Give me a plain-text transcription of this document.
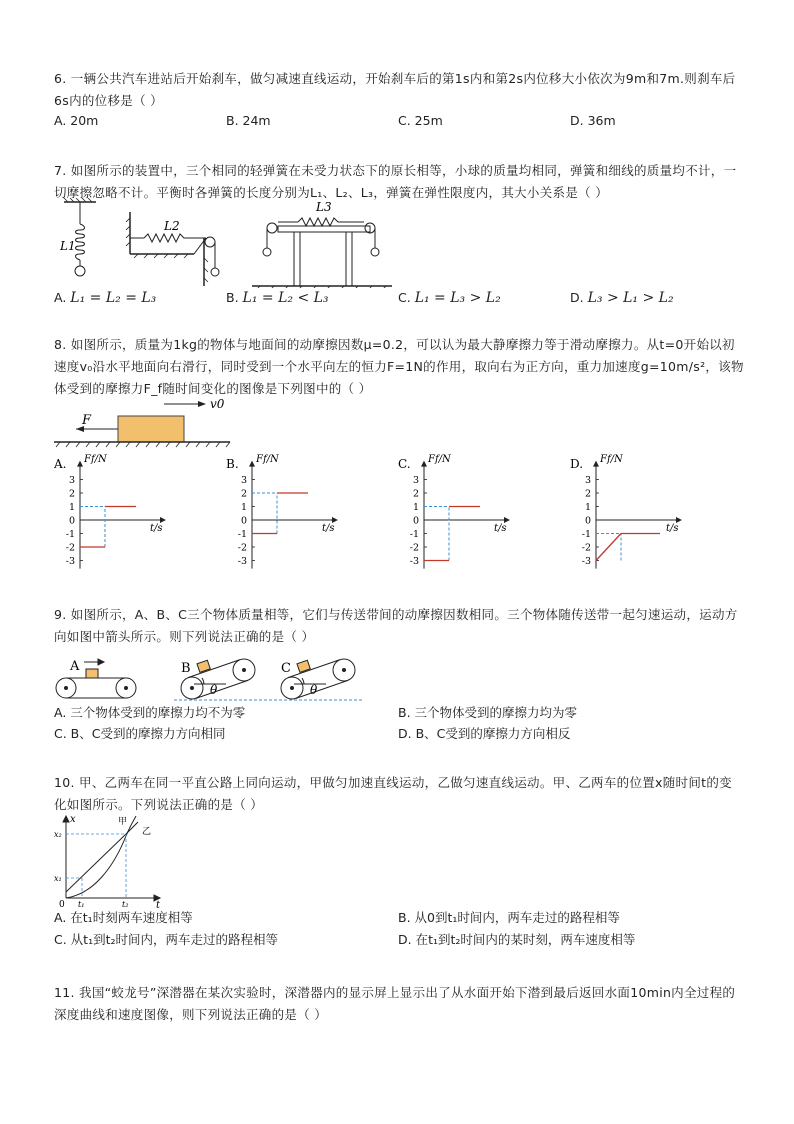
6. 一辆公共汽车进站后开始刹车，做匀减速直线运动，开始刹车后的第1s内和第2s内位移大小依次为9m和7m.则刹车后6s内的位移是（ ）
A. 20m	B. 24m	C. 25m	D. 36m
7. 如图所示的装置中，三个相同的轻弹簧在未受力状态下的原长相等，小球的质量均相同，弹簧和细线的质量均不计，一切摩擦忽略不计。平衡时各弹簧的长度分别为L₁、L₂、L₃，弹簧在弹性限度内，其大小关系是（ ）
L1
L2
L3
A. L₁ = L₂ = L₃	B. L₁ = L₂ < L₃	C. L₁ = L₃ > L₂	D. L₃ > L₁ > L₂
8. 如图所示，质量为1kg的物体与地面间的动摩擦因数μ=0.2，可以认为最大静摩擦力等于滑动摩擦力。从t=0开始以初速度v₀沿水平地面向右滑行，同时受到一个水平向左的恒力F=1N的作用，取向右为正方向，重力加速度g=10m/s²，该物体受到的摩擦力F_f随时间变化的图像是下列图中的（ ）
F
v0
A. Ff/N
t/s
3
2
1
0
-1
-2
-3
B. Ff/N
t/s
3
2
1
0
-1
-2
-3
C. Ff/N
t/s
3
2
1
0
-1
-2
-3
D. Ff/N
t/s
3
2
1
0
-1
-2
-3
9. 如图所示，A、B、C三个物体质量相等，它们与传送带间的动摩擦因数相同。三个物体随传送带一起匀速运动，运动方向如图中箭头所示。则下列说法正确的是（ ）
A	B
θ
C
θ
A. 三个物体受到的摩擦力均不为零	B. 三个物体受到的摩擦力均为零
C. B、C受到的摩擦力方向相同	D. B、C受到的摩擦力方向相反
10. 甲、乙两车在同一平直公路上同向运动，甲做匀加速直线运动，乙做匀速直线运动。甲、乙两车的位置x随时间t的变化如图所示。下列说法正确的是（ ）
x
t
0
x₁
x₂
t₁	t₂
甲
乙
A. 在t₁时刻两车速度相等	B. 从0到t₁时间内，两车走过的路程相等
C. 从t₁到t₂时间内，两车走过的路程相等	D. 在t₁到t₂时间内的某时刻，两车速度相等
11. 我国“蛟龙号”深潜器在某次实验时，深潜器内的显示屏上显示出了从水面开始下潜到最后返回水面10min内全过程的深度曲线和速度图像，则下列说法正确的是（ ）
